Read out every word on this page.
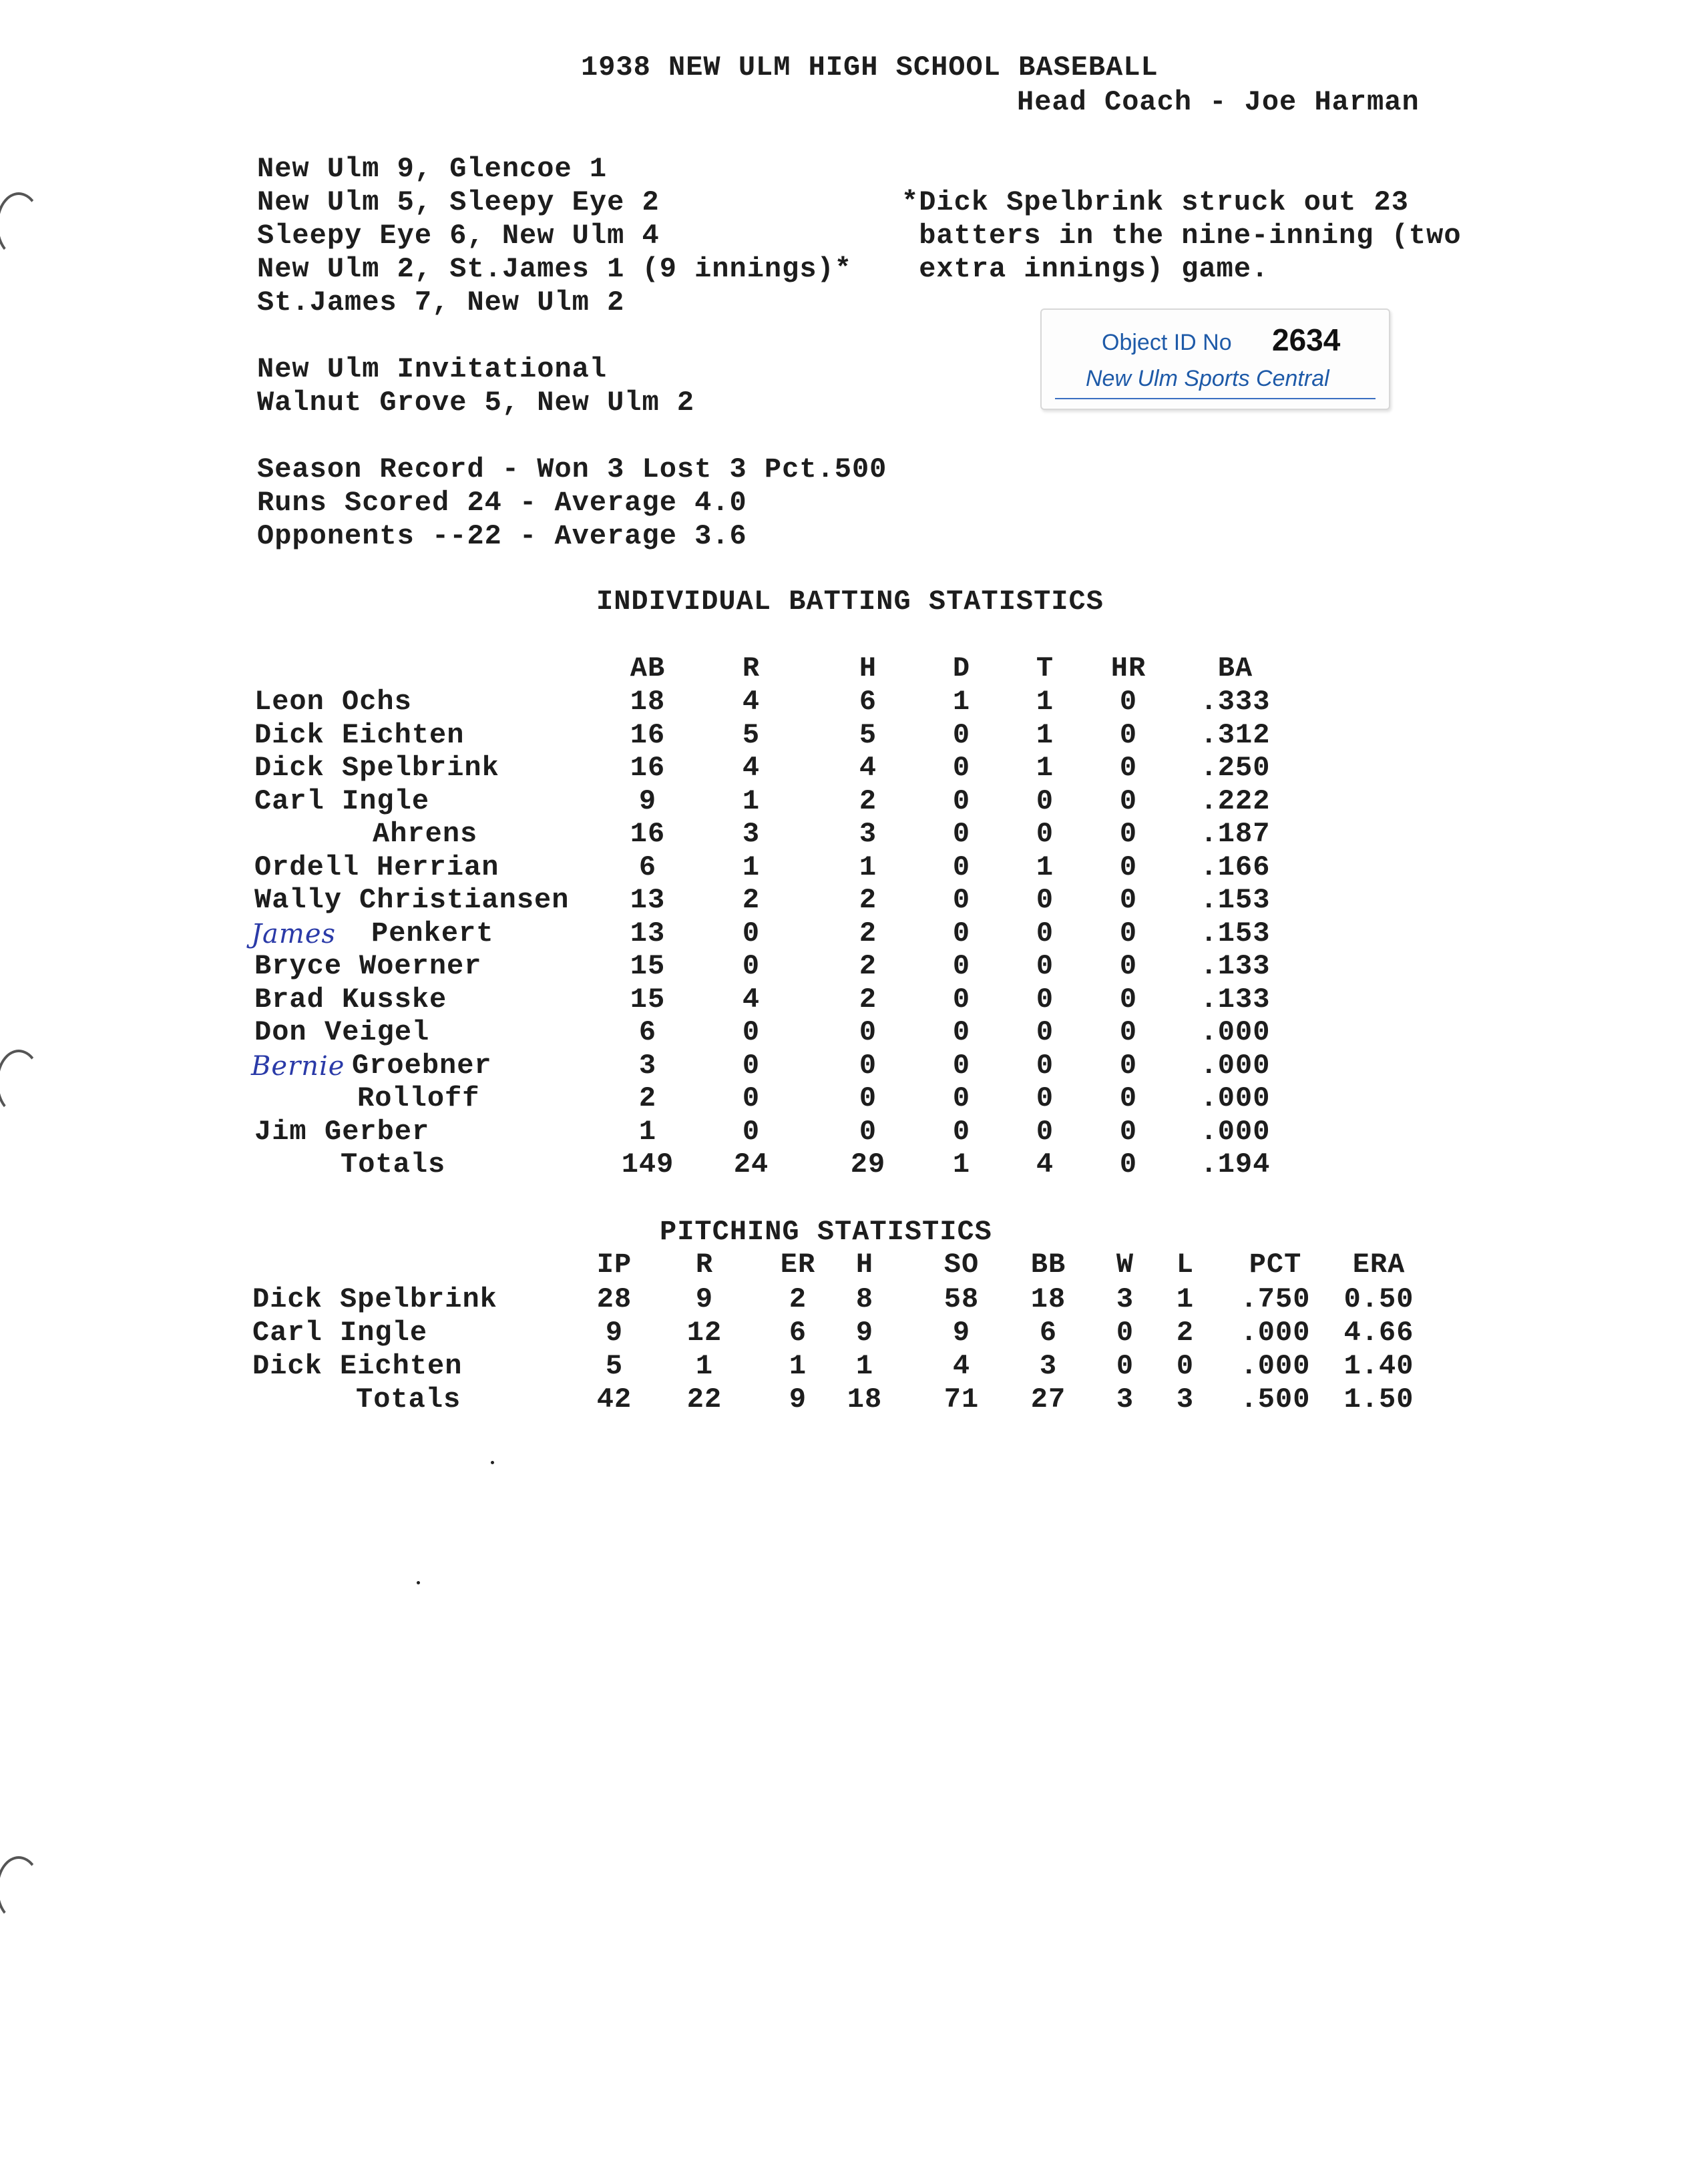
1938 NEW ULM HIGH SCHOOL BASEBALL
Head Coach - Joe Harman
New Ulm 9, Glencoe 1
New Ulm 5, Sleepy Eye 2
Sleepy Eye 6, New Ulm 4
New Ulm 2, St.James 1 (9 innings)*
St.James 7, New Ulm 2
*Dick Spelbrink struck out 23
batters in the nine-inning (two
extra innings) game.
Object ID No 2634
New Ulm Sports Central
New Ulm Invitational
Walnut Grove 5, New Ulm 2
Season Record - Won 3 Lost 3 Pct.500
Runs Scored 24 - Average 4.0
Opponents --22 - Average 3.6
INDIVIDUAL BATTING STATISTICS
AB	R	H	D	T	HR	BA
Leon Ochs	18	4	6	1	1	0	.333
Dick Eichten	16	5	5	0	1	0	.312
Dick Spelbrink	16	4	4	0	1	0	.250
Carl Ingle	9	1	2	0	0	0	.222
Ahrens	16	3	3	0	0	0	.187
Ordell Herrian	6	1	1	0	1	0	.166
Wally Christiansen	13	2	2	0	0	0	.153
James Penkert	13	0	2	0	0	0	.153
Bryce Woerner	15	0	2	0	0	0	.133
Brad Kusske	15	4	2	0	0	0	.133
Don Veigel	6	0	0	0	0	0	.000
Bernie Groebner	3	0	0	0	0	0	.000
Rolloff	2	0	0	0	0	0	.000
Jim Gerber	1	0	0	0	0	0	.000
Totals	149	24	29	1	4	0	.194
PITCHING STATISTICS
IP	R	ER	H	SO	BB	W	L	PCT	ERA
Dick Spelbrink	28	9	2	8	58	18	3	1	.750 0.50
Carl Ingle	9	12	6	9	9	6	0	2	.000 4.66
Dick Eichten	5	1	1	1	4	3	0	0	.000 1.40
Totals	42	22	9	18	71	27	3	3	.500 1.50
